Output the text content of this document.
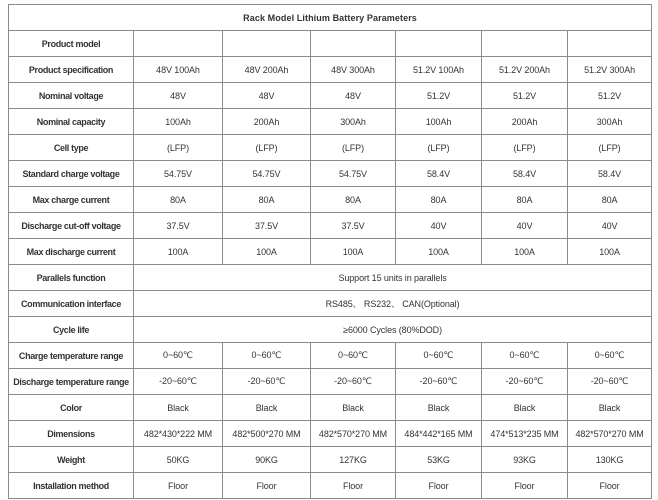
Rack Model Lithium Battery Parameters						
Product model						
Product specification	48V 100Ah	48V 200Ah	48V 300Ah	51.2V 100Ah	51.2V 200Ah	51.2V 300Ah
Nominal voltage	48V	48V	48V	51.2V	51.2V	51.2V
Nominal capacity	100Ah	200Ah	300Ah	100Ah	200Ah	300Ah
Cell type	(LFP)	(LFP)	(LFP)	(LFP)	(LFP)	(LFP)
Standard charge voltage	54.75V	54.75V	54.75V	58.4V	58.4V	58.4V
Max charge current	80A	80A	80A	80A	80A	80A
Discharge cut-off voltage	37.5V	37.5V	37.5V	40V	40V	40V
Max discharge current	100A	100A	100A	100A	100A	100A
Parallels function	Support 15 units in parallels					
Communication interface	RS485、 RS232、 CAN(Optional)					
Cycle life	≥6000 Cycles (80%DOD)					
Charge temperature range	0~60℃	0~60℃	0~60℃	0~60℃	0~60℃	0~60℃
Discharge temperature range	-20~60℃	-20~60℃	-20~60℃	-20~60℃	-20~60℃	-20~60℃
Color	Black	Black	Black	Black	Black	Black
Dimensions	482*430*222 MM	482*500*270 MM	482*570*270 MM	484*442*165 MM	474*513*235 MM	482*570*270 MM
Weight	50KG	90KG	127KG	53KG	93KG	130KG
Installation method	Floor	Floor	Floor	Floor	Floor	Floor
